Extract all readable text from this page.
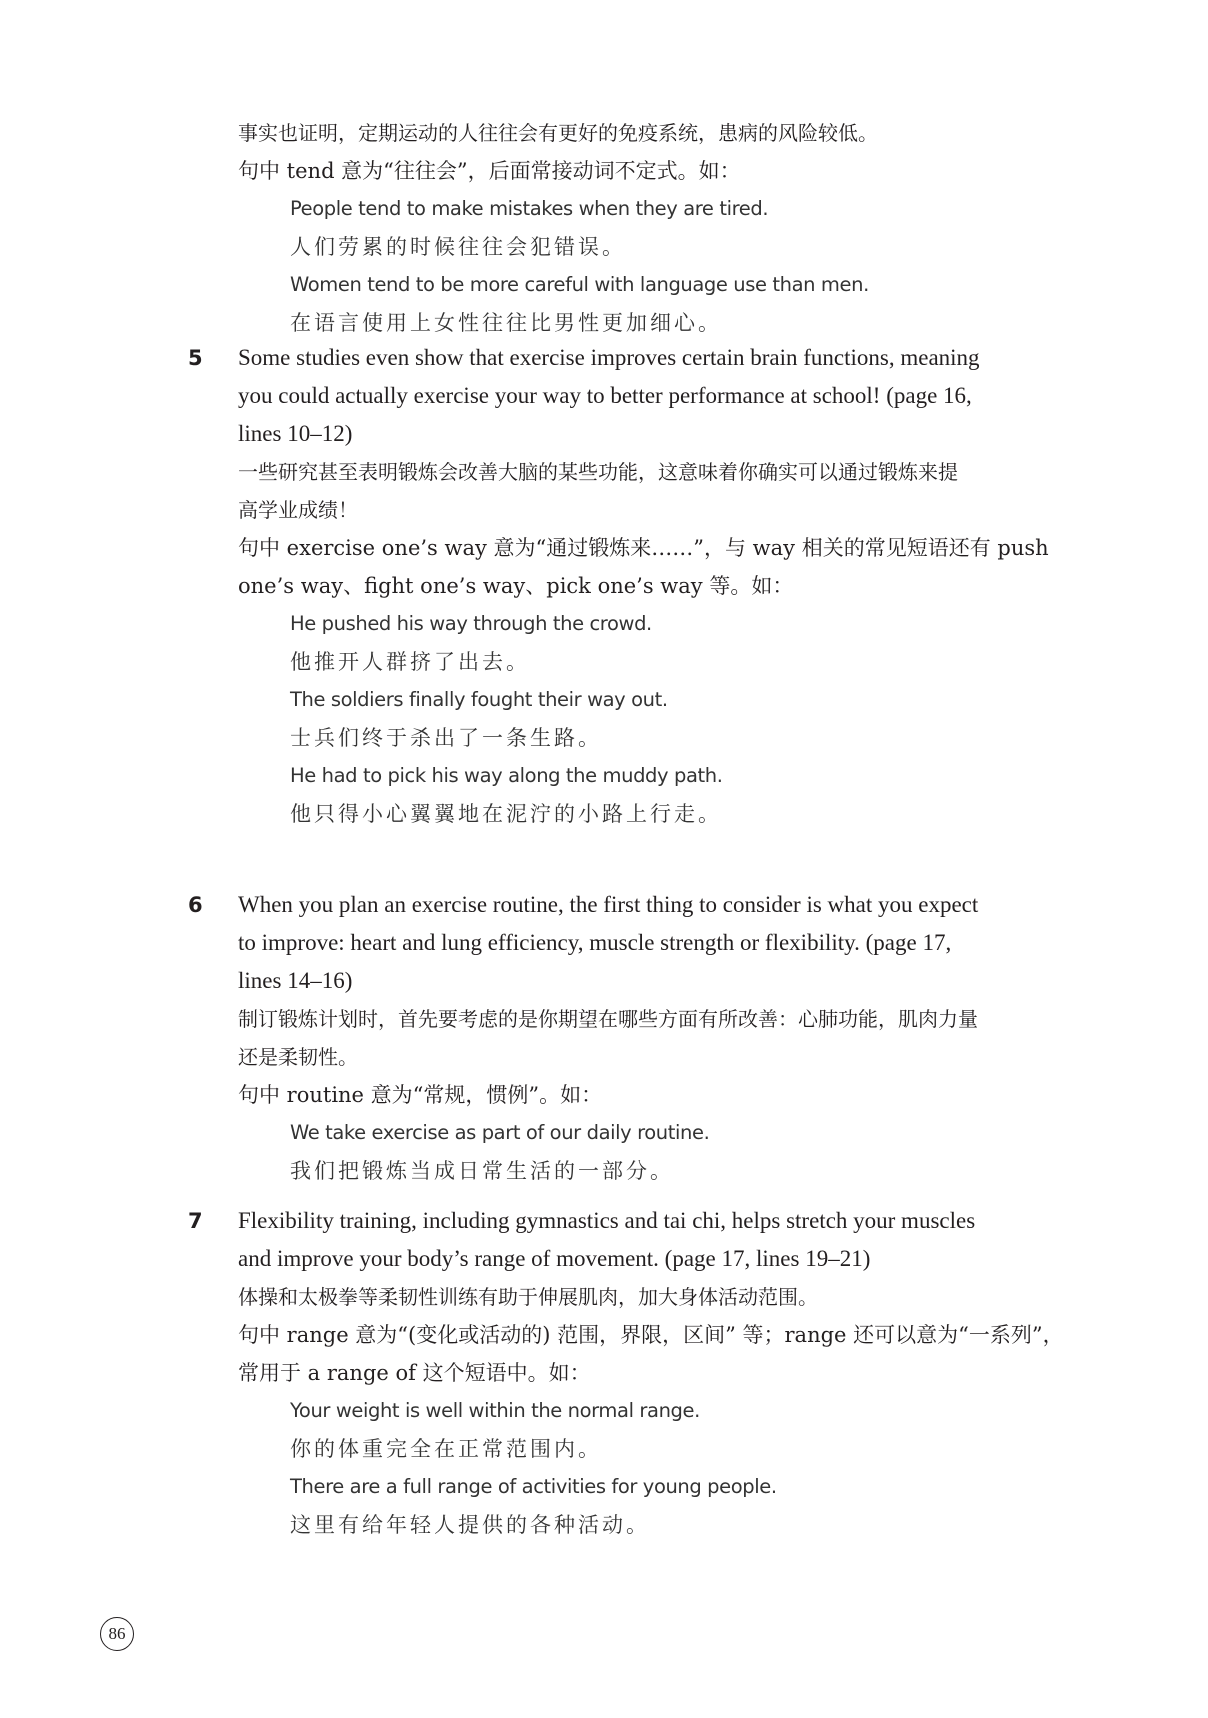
事实也证明，定期运动的人往往会有更好的免疫系统，患病的风险较低。
句中 tend 意为“往往会”，后面常接动词不定式。如：
People tend to make mistakes when they are tired.
人们劳累的时候往往会犯错误。
Women tend to be more careful with language use than men.
在语言使用上女性往往比男性更加细心。
5	Some studies even show that exercise improves certain brain functions, meaning
you could actually exercise your way to better performance at school! (page 16,
lines 10–12)
一些研究甚至表明锻炼会改善大脑的某些功能，这意味着你确实可以通过锻炼来提
高学业成绩！
句中 exercise one’s way 意为“通过锻炼来……”，与 way 相关的常见短语还有 push
one’s way、fight one’s way、pick one’s way 等。如：
He pushed his way through the crowd.
他推开人群挤了出去。
The soldiers finally fought their way out.
士兵们终于杀出了一条生路。
He had to pick his way along the muddy path.
他只得小心翼翼地在泥泞的小路上行走。
6	When you plan an exercise routine, the first thing to consider is what you expect
to improve: heart and lung efficiency, muscle strength or flexibility. (page 17,
lines 14–16)
制订锻炼计划时，首先要考虑的是你期望在哪些方面有所改善：心肺功能，肌肉力量
还是柔韧性。
句中 routine 意为“常规，惯例”。如：
We take exercise as part of our daily routine.
我们把锻炼当成日常生活的一部分。
7	Flexibility training, including gymnastics and tai chi, helps stretch your muscles
and improve your body’s range of movement. (page 17, lines 19–21)
体操和太极拳等柔韧性训练有助于伸展肌肉，加大身体活动范围。
句中 range 意为“(变化或活动的) 范围，界限，区间” 等；range 还可以意为“一系列”，
常用于 a range of 这个短语中。如：
Your weight is well within the normal range.
你的体重完全在正常范围内。
There are a full range of activities for young people.
这里有给年轻人提供的各种活动。
86
